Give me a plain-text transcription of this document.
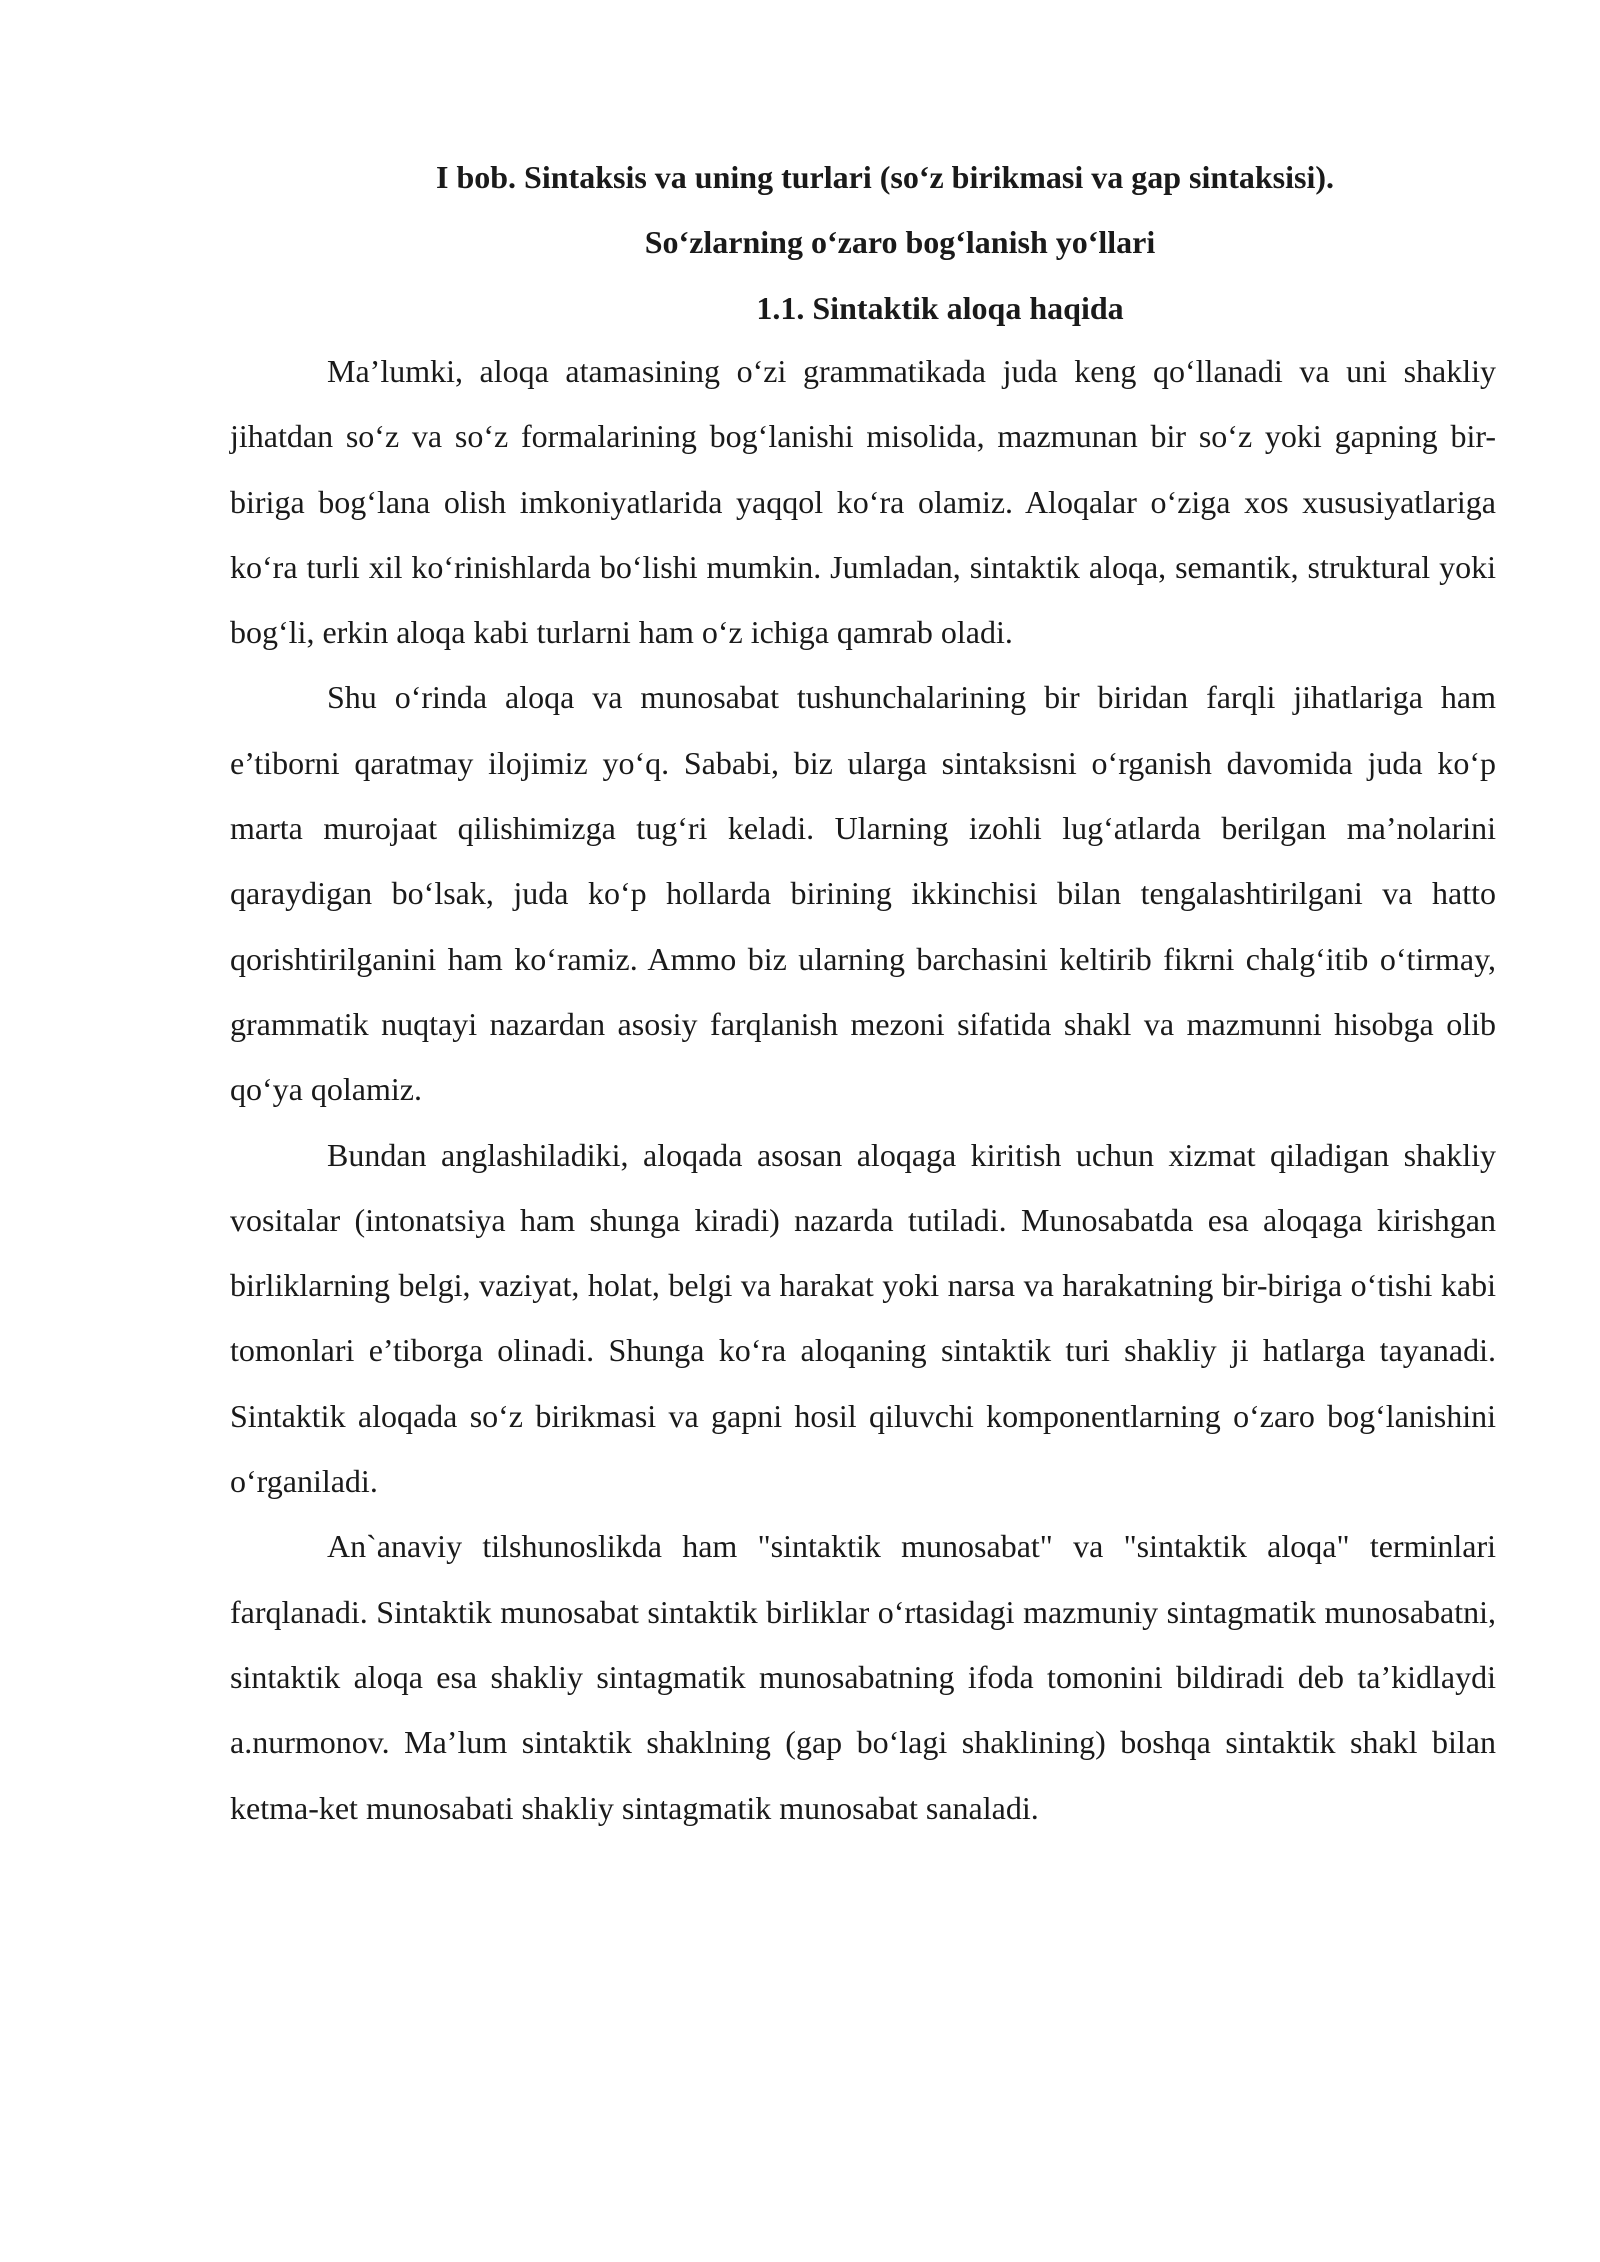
I bob. Sintaksis va uning turlari (so‘z birikmasi va gap sintaksisi).
So‘zlarning o‘zaro bog‘lanish yo‘llari
1.1. Sintaktik aloqa haqida

Ma’lumki, aloqa atamasining o‘zi grammatikada juda keng qo‘llanadi va uni shakliy jihatdan so‘z va so‘z formalarining bog‘lanishi misolida, mazmunan bir so‘z yoki gapning bir-biriga bog‘lana olish imkoniyatlarida yaqqol ko‘ra olamiz. Aloqalar o‘ziga xos xususiyatlariga ko‘ra turli xil ko‘rinishlarda bo‘lishi mumkin. Jumladan, sintaktik aloqa, semantik, struktural yoki bog‘li, erkin aloqa kabi turlarni ham o‘z ichiga qamrab oladi.

Shu o‘rinda aloqa va munosabat tushunchalarining bir biridan farqli jihatlariga ham e’tiborni qaratmay ilojimiz yo‘q. Sababi, biz ularga sintaksisni o‘rganish davomida juda ko‘p marta murojaat qilishimizga tug‘ri keladi. Ularning izohli lug‘atlarda berilgan ma’nolarini qaraydigan bo‘lsak, juda ko‘p hollarda birining ikkinchisi bilan tengalashtirilgani va hatto qorishtirilganini ham ko‘ramiz. Ammo biz ularning barchasini keltirib fikrni chalg‘itib o‘tirmay, grammatik nuqtayi nazardan asosiy farqlanish mezoni sifatida shakl va mazmunni hisobga olib qo‘ya qolamiz.

Bundan anglashiladiki, aloqada asosan aloqaga kiritish uchun xizmat qiladigan shakliy vositalar (intonatsiya ham shunga kiradi) nazarda tutiladi. Munosabatda esa aloqaga kirishgan birliklarning belgi, vaziyat, holat, belgi va harakat yoki narsa va harakatning bir-biriga o‘tishi kabi tomonlari e’tiborga olinadi. Shunga ko‘ra aloqaning sintaktik turi shakliy ji hatlarga tayanadi. Sintaktik aloqada so‘z birikmasi va gapni hosil qiluvchi komponentlarning o‘zaro bog‘lanishini o‘rganiladi.

An`anaviy tilshunoslikda ham "sintaktik munosabat" va "sintaktik aloqa" terminlari farqlanadi. Sintaktik munosabat sintaktik birliklar o‘rtasidagi mazmuniy sintagmatik munosabatni, sintaktik aloqa esa shakliy sintagmatik munosabatning ifoda tomonini bildiradi deb ta’kidlaydi a.nurmonov. Ma’lum sintaktik shaklning (gap bo‘lagi shaklining) boshqa sintaktik shakl bilan ketma-ket munosabati shakliy sintagmatik munosabat sanaladi.
